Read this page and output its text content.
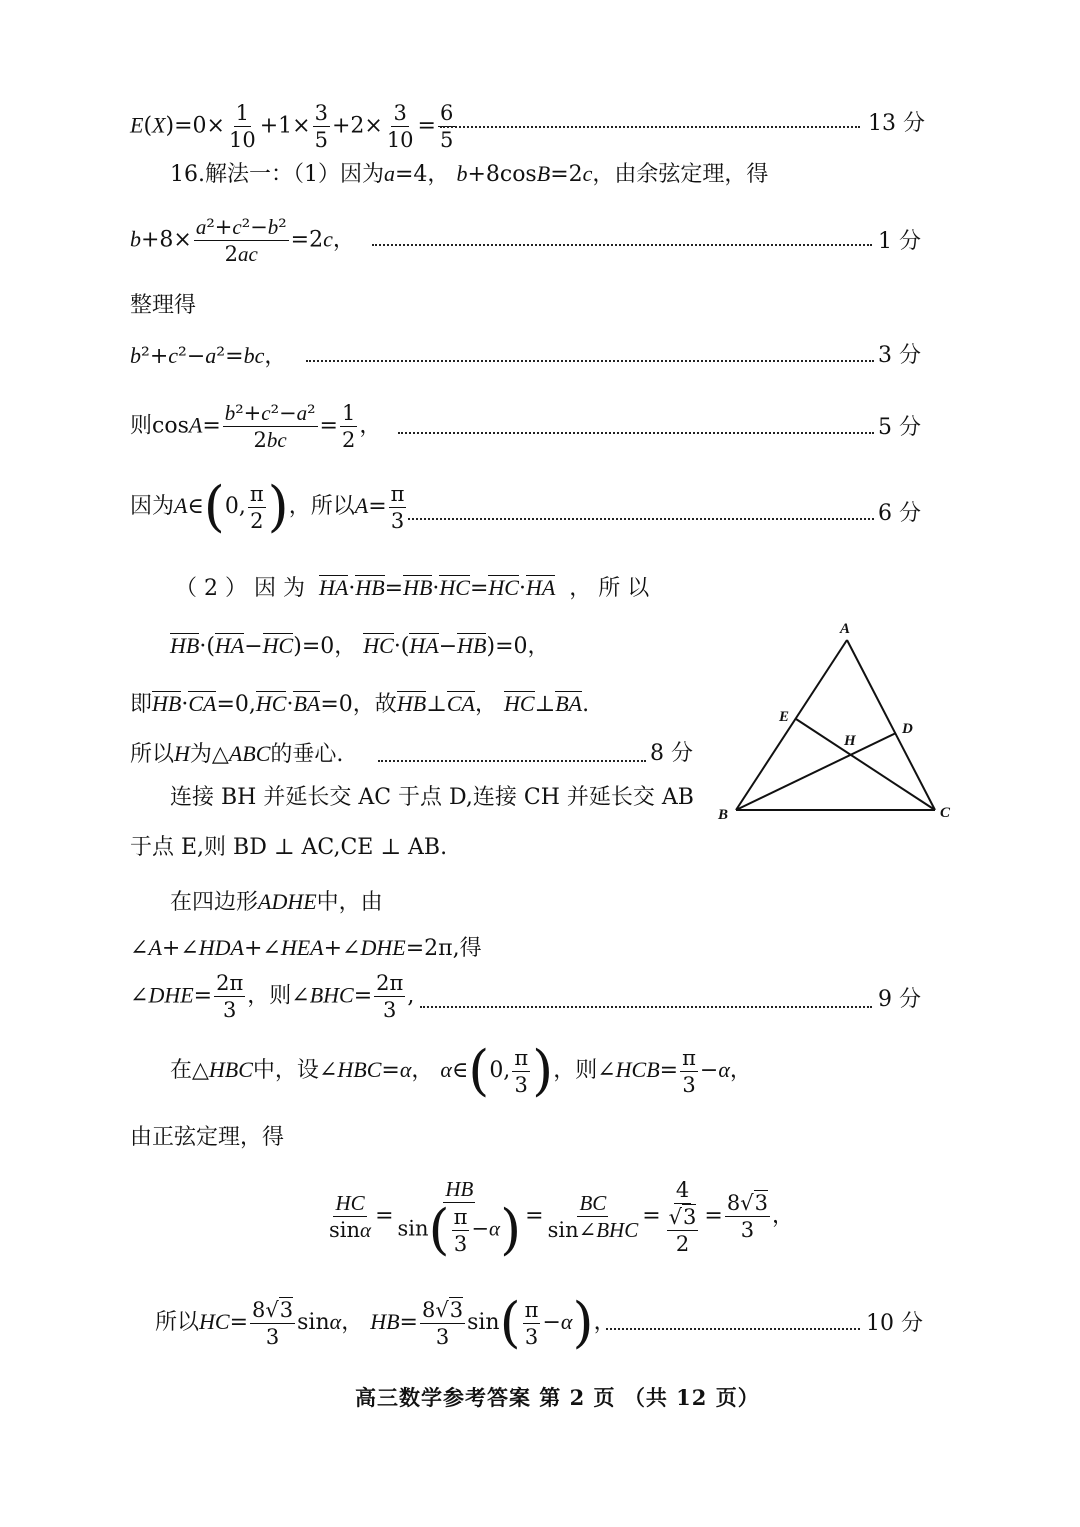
$E(X)=0\times \frac{1}{10} +1\times \frac{3}{5} +2\times \frac{3}{10} = \frac{6}{5}$	13 分
16.解法一：（1）因为a=4， b+8cosB=2c，由余弦定理，得
$b+8\times \frac{\text{a²+c²−b²}}{2ac} =2c$，	1 分
整理得
b²+c²−a²=bc，	3 分
则$\cos A= \frac{\text{b²+c²−a²}}{2bc} = \frac{1}{2}$ ，	5 分
因为A∈(0, $\frac{\pi}{2}$ )，所以$A= \frac{\pi}{3}$	6 分
（ 2 ） 因 为 HA·HB=HB·HC=HC·HA ， 所 以
HB·(HA−HC)=0， HC·(HA−HB)=0，
即HB·CA=0,HC·BA=0，故HB⊥CA， HC⊥BA.
所以H为△ABC的垂心.	8 分
连接 BH 并延长交 AC 于点 D,连接 CH 并延长交 AB
于点 E,则 BD ⊥ AC,CE ⊥ AB.
A
B	C
D
E
H
在四边形ADHE中，由
∠A+∠HDA+∠HEA+∠DHE=2π,得
∠DHE= $\frac{2\pi}{3}$ ，则∠BHC= $\frac{2\pi}{3}$ ,	9 分
在△HBC中，设∠HBC=α， α∈(0, $\frac{\pi}{3}$ )，则∠HCB= $\frac{\pi}{3} -\alpha$，
由正弦定理，得
$\frac{HC}{\sin\alpha} = \frac{HB}{\sin( \frac{\pi}{3} -\alpha)} = \frac{BC}{\text{sin∠BHC}} = \frac{4}{\frac{√3}{2}} = \frac{8√3}{3}$ ，
所以$HC= \frac{8√3}{3}$ sinα， $HB= \frac{8√3}{3} \sin( \frac{\pi}{3} -\alpha)$，	10 分
高三数学参考答案 第 2 页 （共 12 页）
